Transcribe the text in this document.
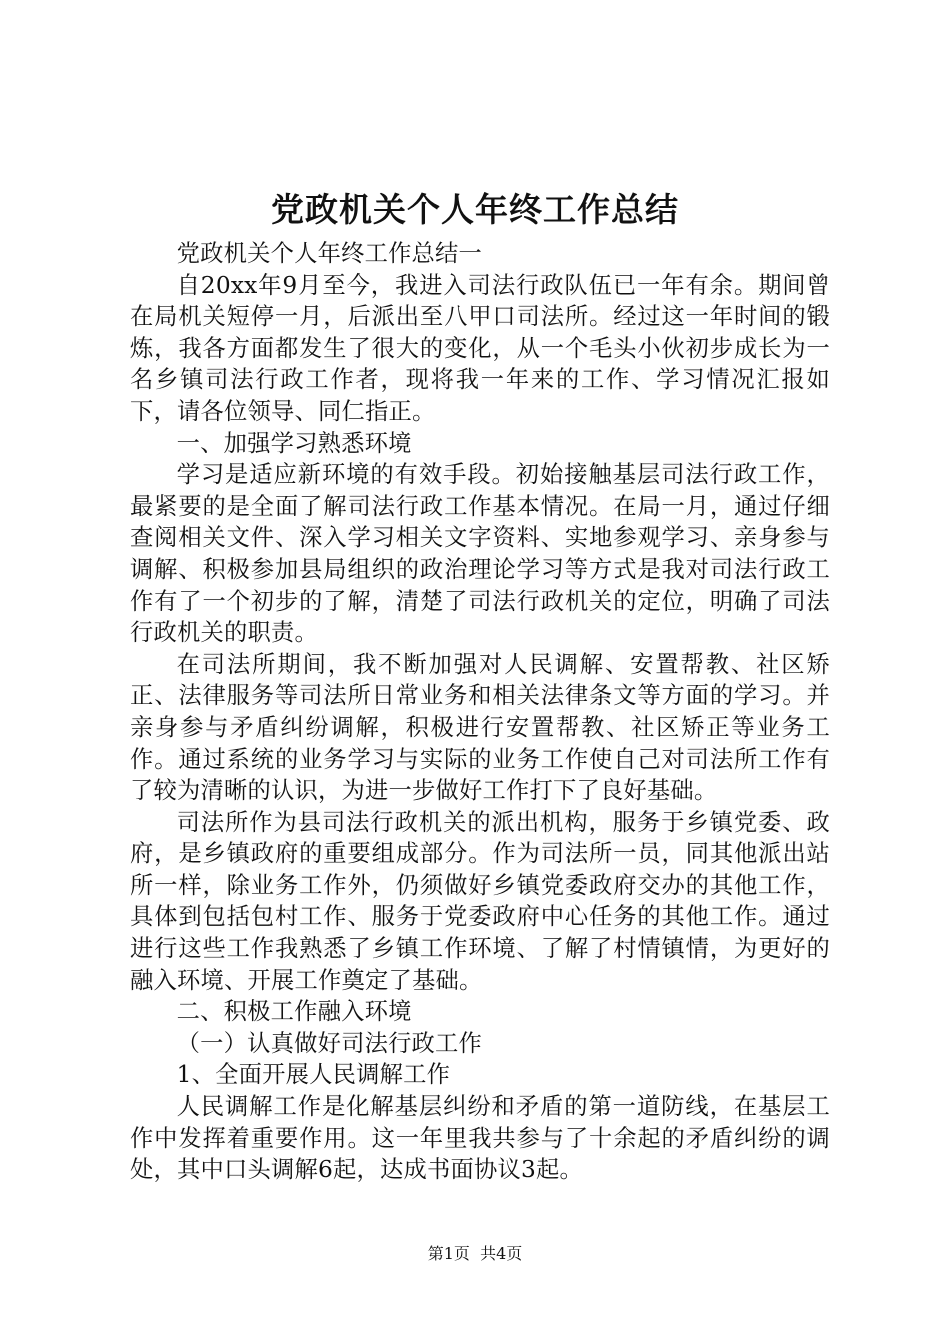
党政机关个人年终工作总结

党政机关个人年终工作总结一

自20xx年9月至今，我进入司法行政队伍已一年有余。期间曾在局机关短停一月，后派出至八甲口司法所。经过这一年时间的锻炼，我各方面都发生了很大的变化，从一个毛头小伙初步成长为一名乡镇司法行政工作者，现将我一年来的工作、学习情况汇报如下，请各位领导、同仁指正。

一、加强学习熟悉环境

学习是适应新环境的有效手段。初始接触基层司法行政工作，最紧要的是全面了解司法行政工作基本情况。在局一月，通过仔细查阅相关文件、深入学习相关文字资料、实地参观学习、亲身参与调解、积极参加县局组织的政治理论学习等方式是我对司法行政工作有了一个初步的了解，清楚了司法行政机关的定位，明确了司法行政机关的职责。

在司法所期间，我不断加强对人民调解、安置帮教、社区矫正、法律服务等司法所日常业务和相关法律条文等方面的学习。并亲身参与矛盾纠纷调解，积极进行安置帮教、社区矫正等业务工作。通过系统的业务学习与实际的业务工作使自己对司法所工作有了较为清晰的认识，为进一步做好工作打下了良好基础。

司法所作为县司法行政机关的派出机构，服务于乡镇党委、政府，是乡镇政府的重要组成部分。作为司法所一员，同其他派出站所一样，除业务工作外，仍须做好乡镇党委政府交办的其他工作，具体到包括包村工作、服务于党委政府中心任务的其他工作。通过进行这些工作我熟悉了乡镇工作环境、了解了村情镇情，为更好的融入环境、开展工作奠定了基础。

二、积极工作融入环境

（一）认真做好司法行政工作

1、全面开展人民调解工作

人民调解工作是化解基层纠纷和矛盾的第一道防线，在基层工作中发挥着重要作用。这一年里我共参与了十余起的矛盾纠纷的调处，其中口头调解6起，达成书面协议3起。

第1页 共4页
